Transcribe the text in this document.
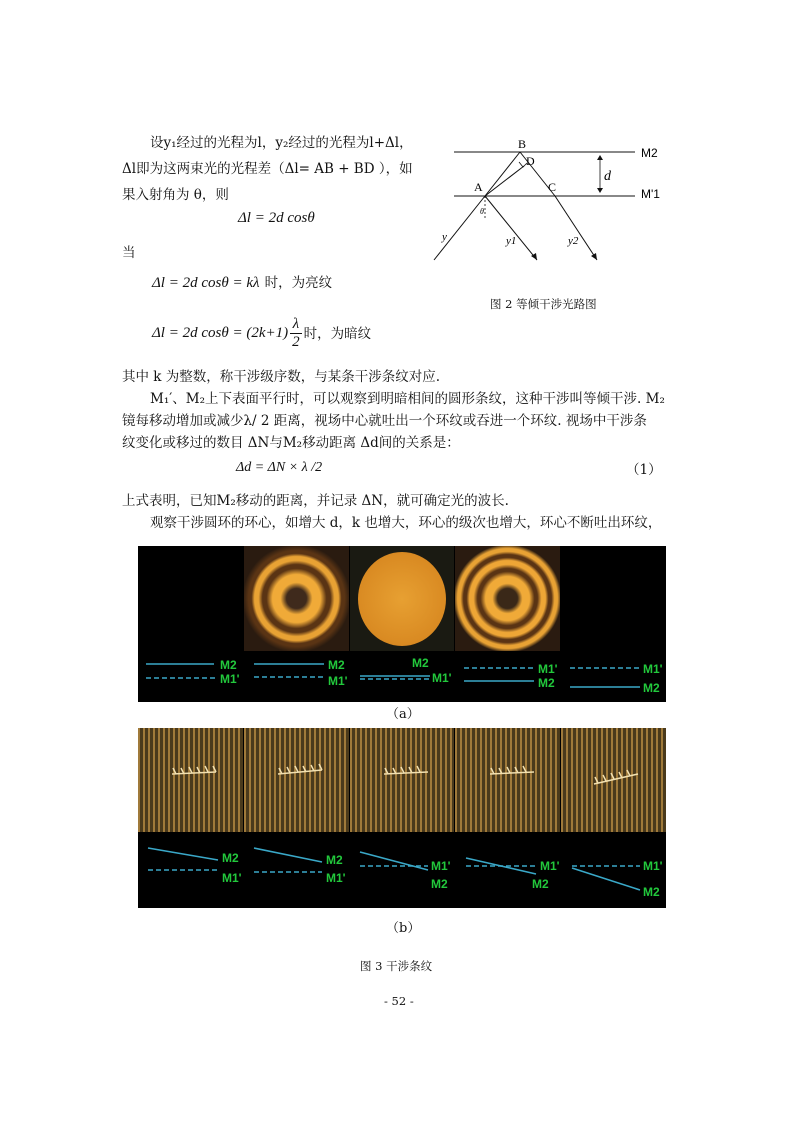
设y₁经过的光程为l，y₂经过的光程为l+Δl，
Δl即为这两束光的光程差（Δl= AB + BD ），如
果入射角为 θ，则
Δl = 2d cosθ
当
Δl = 2d cosθ = kλ 时，为亮纹
Δl = 2d $\cos\theta = (2k+1) \frac{\lambda}{2}$ 时，为暗纹
B
D
A	C
M2
M'1
d
y	y1	y2
θ
图 2 等倾干涉光路图
其中 k 为整数，称干涉级序数，与某条干涉条纹对应.
M₁′、M₂上下表面平行时，可以观察到明暗相间的圆形条纹，这种干涉叫等倾干涉. M₂
镜每移动增加或减少λ/ 2 距离，视场中心就吐出一个环纹或吞进一个环纹. 视场中干涉条
纹变化或移过的数目 ΔN与M₂移动距离 Δd间的关系是：
Δd = ΔN × λ /2	（1）
上式表明，已知M₂移动的距离，并记录 ΔN，就可确定光的波长.
观察干涉圆环的环心，如增大 d，k 也增大，环心的级次也增大，环心不断吐出环纹，
M2
M1'
M2
M1'
M2
M1'
M1'
M2
M1'
M2
（a）
M2
M1'
M2
M1'
M1'
M2
M1'
M2
M1'
M2
（b）
图 3 干涉条纹
- 52 -
